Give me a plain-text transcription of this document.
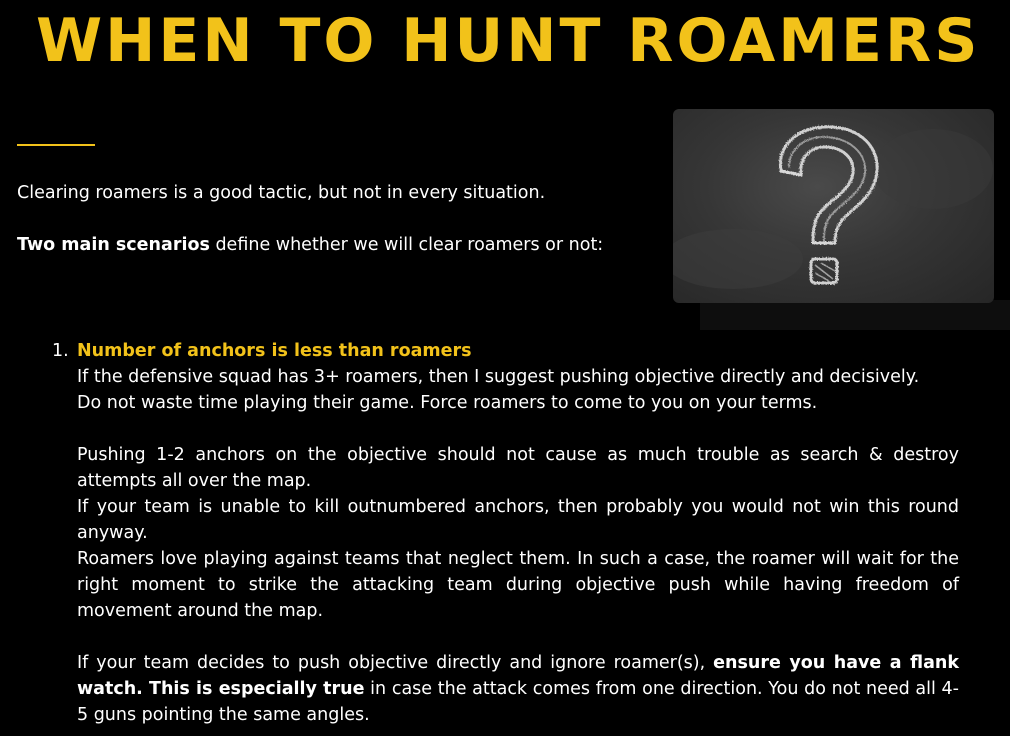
WHEN TO HUNT ROAMERS

Clearing roamers is a good tactic, but not in every situation.

Two main scenarios define whether we will clear roamers or not:

1. Number of anchors is less than roamers

If the defensive squad has 3+ roamers, then I suggest pushing objective directly and decisively.

Do not waste time playing their game. Force roamers to come to you on your terms.

Pushing 1-2 anchors on the objective should not cause as much trouble as search & destroy attempts all over the map.

If your team is unable to kill outnumbered anchors, then probably you would not win this round anyway.

Roamers love playing against teams that neglect them. In such a case, the roamer will wait for the right moment to strike the attacking team during objective push while having freedom of movement around the map.

If your team decides to push objective directly and ignore roamer(s), ensure you have a flank watch. This is especially true in case the attack comes from one direction. You do not need all 4-5 guns pointing the same angles.
